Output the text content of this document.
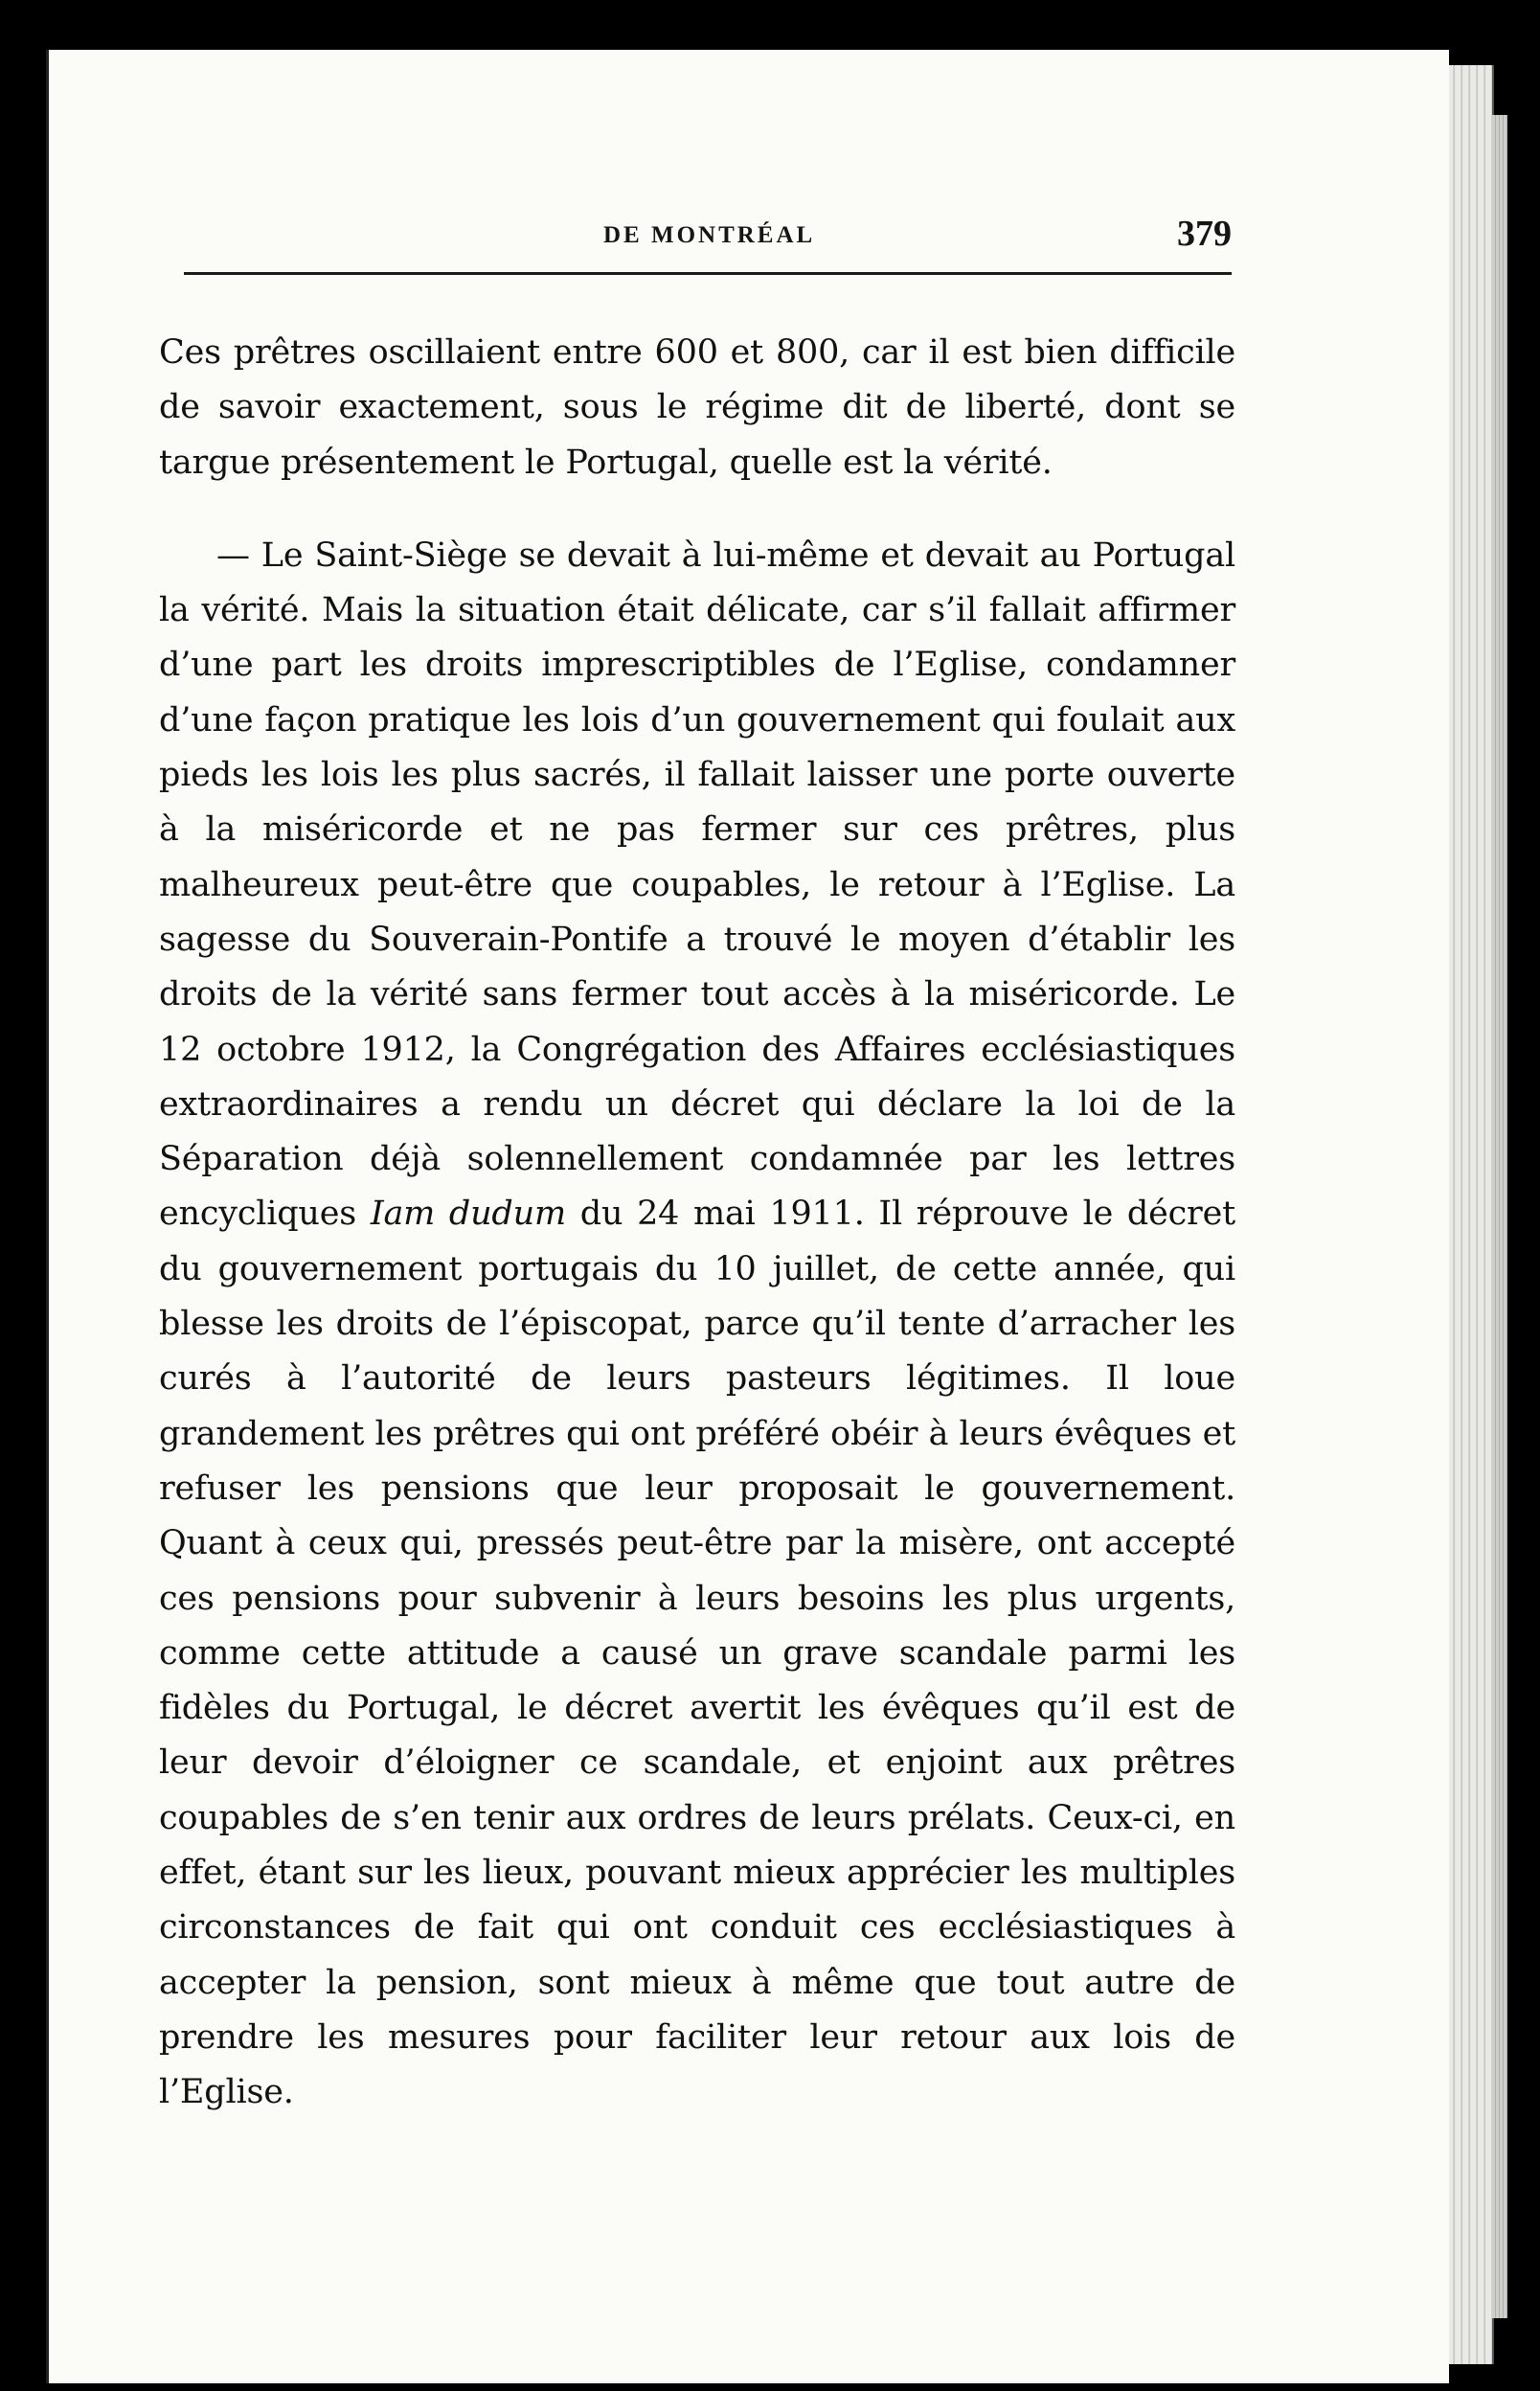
DE MONTRÉAL	379

Ces prêtres oscillaient entre 600 et 800, car il est bien difficile de savoir exactement, sous le régime dit de liberté, dont se targue présentement le Portugal, quelle est la vérité.

— Le Saint-Siège se devait à lui-même et devait au Portugal la vérité. Mais la situation était délicate, car s’il fallait affirmer d’une part les droits imprescriptibles de l’Eglise, condamner d’une façon pratique les lois d’un gouvernement qui foulait aux pieds les lois les plus sacrés, il fallait laisser une porte ouverte à la miséricorde et ne pas fermer sur ces prêtres, plus malheureux peut-être que coupables, le retour à l’Eglise. La sagesse du Souverain-Pontife a trouvé le moyen d’établir les droits de la vérité sans fermer tout accès à la miséricorde. Le 12 octobre 1912, la Congrégation des Affaires ecclésiastiques extraordinaires a rendu un décret qui déclare la loi de la Séparation déjà solennellement condamnée par les lettres encycliques Iam dudum du 24 mai 1911. Il réprouve le décret du gouvernement portugais du 10 juillet, de cette année, qui blesse les droits de l’épiscopat, parce qu’il tente d’arracher les curés à l’autorité de leurs pasteurs légitimes. Il loue grandement les prêtres qui ont préféré obéir à leurs évêques et refuser les pensions que leur proposait le gouvernement. Quant à ceux qui, pressés peut-être par la misère, ont accepté ces pensions pour subvenir à leurs besoins les plus urgents, comme cette attitude a causé un grave scandale parmi les fidèles du Portugal, le décret avertit les évêques qu’il est de leur devoir d’éloigner ce scandale, et enjoint aux prêtres coupables de s’en tenir aux ordres de leurs prélats. Ceux-ci, en effet, étant sur les lieux, pouvant mieux apprécier les multiples circonstances de fait qui ont conduit ces ecclésiastiques à accepter la pension, sont mieux à même que tout autre de prendre les mesures pour faciliter leur retour aux lois de l’Eglise.
